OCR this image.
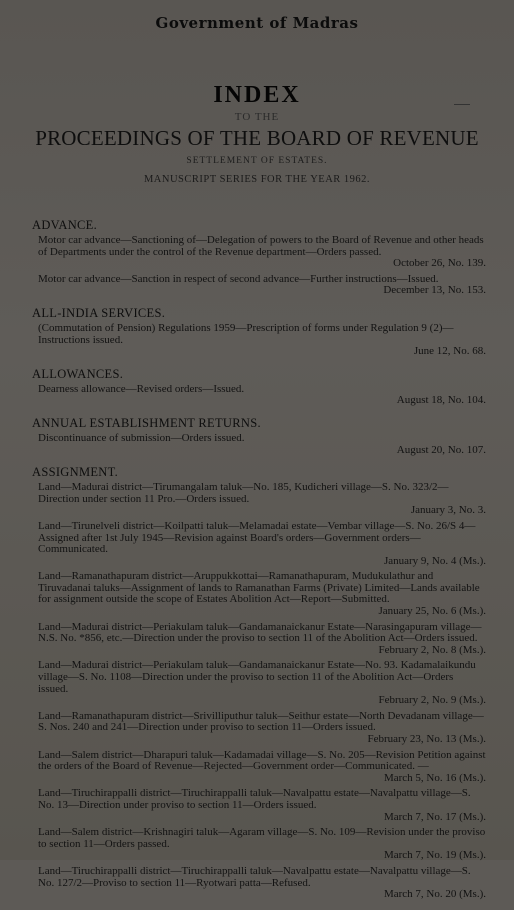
Government of Madras
INDEX
TO THE
PROCEEDINGS OF THE BOARD OF REVENUE
SETTLEMENT OF ESTATES.
MANUSCRIPT SERIES FOR THE YEAR 1962.
ADVANCE.
Motor car advance—Sanctioning of—Delegation of powers to the Board of Revenue and other heads of Departments under the control of the Revenue department—Orders passed.
October 26, No. 139.
Motor car advance—Sanction in respect of second advance—Further instructions—Issued.
December 13, No. 153.
ALL-INDIA SERVICES.
(Commutation of Pension) Regulations 1959—Prescription of forms under Regulation 9 (2)—Instructions issued.
June 12, No. 68.
ALLOWANCES.
Dearness allowance—Revised orders—Issued.
August 18, No. 104.
ANNUAL ESTABLISHMENT RETURNS.
Discontinuance of submission—Orders issued.
August 20, No. 107.
ASSIGNMENT.
Land—Madurai district—Tirumangalam taluk—No. 185, Kudicheri village—S. No. 323/2—Direction under section 11 Pro.—Orders issued.
January 3, No. 3.
Land—Tirunelveli district—Koilpatti taluk—Melamadai estate—Vembar village—S. No. 26/S 4—Assigned after 1st July 1945—Revision against Board's orders—Government orders—Communicated.
January 9, No. 4 (Ms.).
Land—Ramanathapuram district—Aruppukkottai—Ramanathapuram, Mudukulathur and Tiruvadanai taluks—Assignment of lands to Ramanathan Farms (Private) Limited—Lands available for assignment outside the scope of Estates Abolition Act—Report—Submitted.
January 25, No. 6 (Ms.).
Land—Madurai district—Periakulam taluk—Gandamanaickanur Estate—Narasingapuram village—N.S. No. *856, etc.—Direction under the proviso to section 11 of the Abolition Act—Orders issued.
February 2, No. 8 (Ms.).
Land—Madurai district—Periakulam taluk—Gandamanaickanur Estate—No. 93. Kadamalaikundu village—S. No. 1108—Direction under the proviso to section 11 of the Abolition Act—Orders issued.
February 2, No. 9 (Ms.).
Land—Ramanathapuram district—Srivilliputhur taluk—Seithur estate—North Devadanam village—S. Nos. 240 and 241—Direction under proviso to section 11—Orders issued.
February 23, No. 13 (Ms.).
Land—Salem district—Dharapuri taluk—Kadamadai village—S. No. 205—Revision Petition against the orders of the Board of Revenue—Rejected—Government order—Communicated. —
March 5, No. 16 (Ms.).
Land—Tiruchirappalli district—Tiruchirappalli taluk—Navalpattu estate—Navalpattu village—S. No. 13—Direction under proviso to section 11—Orders issued.
March 7, No. 17 (Ms.).
Land—Salem district—Krishnagiri taluk—Agaram village—S. No. 109—Revision under the proviso to section 11—Orders passed.
March 7, No. 19 (Ms.).
Land—Tiruchirappalli district—Tiruchirappalli taluk—Navalpattu estate—Navalpattu village—S. No. 127/2—Proviso to section 11—Ryotwari patta—Refused.
March 7, No. 20 (Ms.).
